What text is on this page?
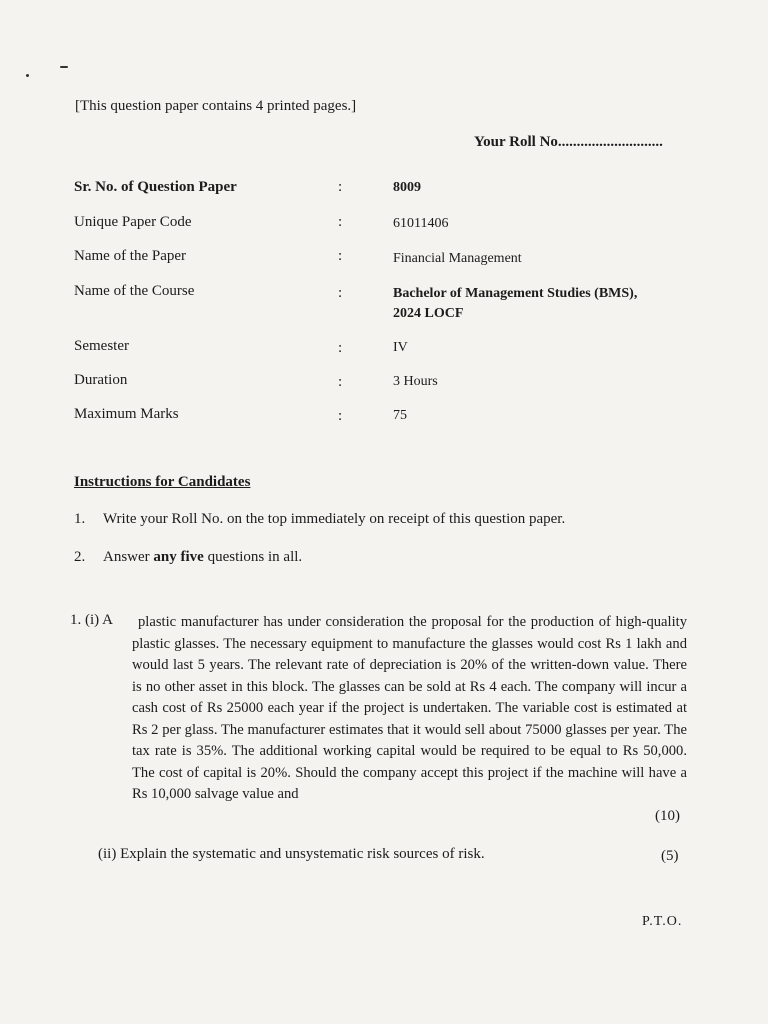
[This question paper contains 4 printed pages.]
Your Roll No............................
Sr. No. of Question Paper	:	8009
Unique Paper Code	:	61011406
Name of the Paper	:	Financial Management
Name of the Course	:	Bachelor of Management Studies (BMS),
2024 LOCF
Semester	:	IV
Duration	:	3 Hours
Maximum Marks	:	75
Instructions for Candidates
1. Write your Roll No. on the top immediately on receipt of this question paper.
2. Answer any five questions in all.
1. (i) A	plastic manufacturer has under consideration the proposal for the production of high-quality plastic glasses. The necessary equipment to manufacture the glasses would cost Rs 1 lakh and would last 5 years. The relevant rate of depreciation is 20% of the written-down value. There is no other asset in this block. The glasses can be sold at Rs 4 each. The company will incur a cash cost of Rs 25000 each year if the project is undertaken. The variable cost is estimated at Rs 2 per glass. The manufacturer estimates that it would sell about 75000 glasses per year. The tax rate is 35%. The additional working capital would be required to be equal to Rs 50,000. The cost of capital is 20%. Should the company accept this project if the machine will have a Rs 10,000 salvage value and
(10)
(ii) Explain the systematic and unsystematic risk sources of risk.	(5)
P.T.O.
